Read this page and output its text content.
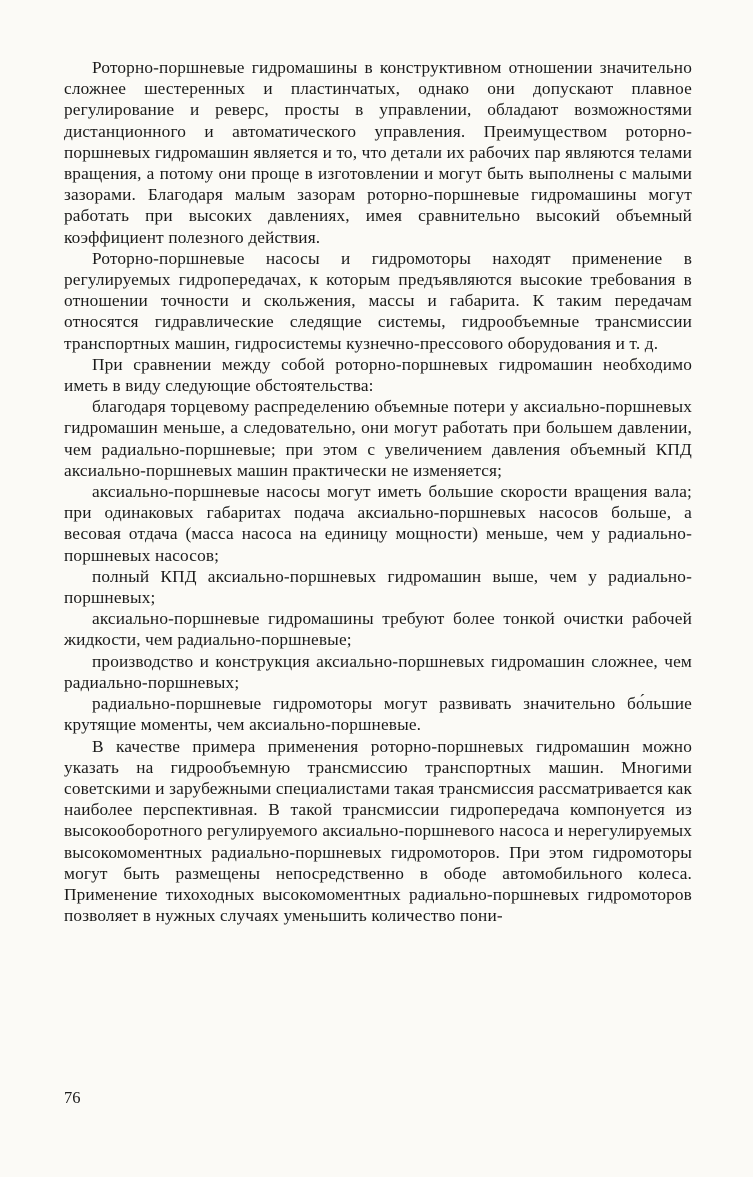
Роторно-поршневые гидромашины в конструктивном отношении значительно сложнее шестеренных и пластинчатых, однако они допускают плавное регулирование и реверс, просты в управлении, обладают возможностями дистанционного и автоматического управления. Преимуществом роторно-поршневых гидромашин является и то, что детали их рабочих пар являются телами вращения, а потому они проще в изготовлении и могут быть выполнены с малыми зазорами. Благодаря малым зазорам роторно-поршневые гидромашины могут работать при высоких давлениях, имея сравнительно высокий объемный коэффициент полезного действия.

Роторно-поршневые насосы и гидромоторы находят применение в регулируемых гидропередачах, к которым предъявляются высокие требования в отношении точности и скольжения, массы и габарита. К таким передачам относятся гидравлические следящие системы, гидрообъемные трансмиссии транспортных машин, гидросистемы кузнечно-прессового оборудования и т. д.

При сравнении между собой роторно-поршневых гидромашин необходимо иметь в виду следующие обстоятельства:

благодаря торцевому распределению объемные потери у аксиально-поршневых гидромашин меньше, а следовательно, они могут работать при большем давлении, чем радиально-поршневые; при этом с увеличением давления объемный КПД аксиально-поршневых машин практически не изменяется;

аксиально-поршневые насосы могут иметь большие скорости вращения вала; при одинаковых габаритах подача аксиально-поршневых насосов больше, а весовая отдача (масса насоса на единицу мощности) меньше, чем у радиально-поршневых насосов;

полный КПД аксиально-поршневых гидромашин выше, чем у радиально-поршневых;

аксиально-поршневые гидромашины требуют более тонкой очистки рабочей жидкости, чем радиально-поршневые;

производство и конструкция аксиально-поршневых гидромашин сложнее, чем радиально-поршневых;

радиально-поршневые гидромоторы могут развивать значительно бо́льшие крутящие моменты, чем аксиально-поршневые.

В качестве примера применения роторно-поршневых гидромашин можно указать на гидрообъемную трансмиссию транспортных машин. Многими советскими и зарубежными специалистами такая трансмиссия рассматривается как наиболее перспективная. В такой трансмиссии гидропередача компонуется из высокооборотного регулируемого аксиально-поршневого насоса и нерегулируемых высокомоментных радиально-поршневых гидромоторов. При этом гидромоторы могут быть размещены непосредственно в ободе автомобильного колеса. Применение тихоходных высокомоментных радиально-поршневых гидромоторов позволяет в нужных случаях уменьшить количество пони-

76
